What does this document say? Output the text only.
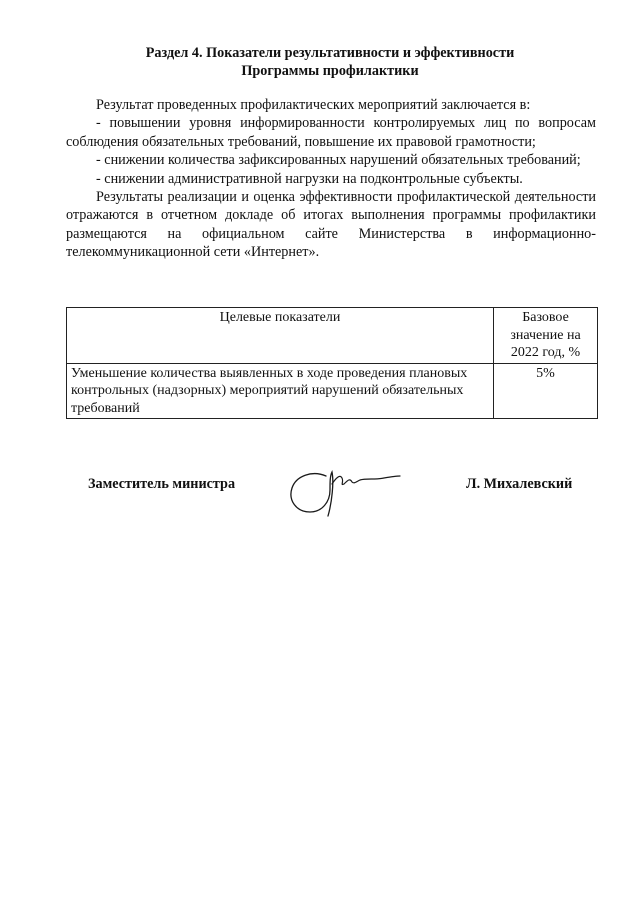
Раздел 4. Показатели результативности и эффективности
Программы профилактики

Результат проведенных профилактических мероприятий заключается в:

- повышении уровня информированности контролируемых лиц по вопросам соблюдения обязательных требований, повышение их правовой грамотности;

- снижении количества зафиксированных нарушений обязательных требований;

- снижении административной нагрузки на подконтрольные субъекты.

Результаты реализации и оценка эффективности профилактической деятельности отражаются в отчетном докладе об итогах выполнения программы профилактики размещаются на официальном сайте Министерства в информационно-телекоммуникационной сети «Интернет».

Целевые показатели	Базовое значение на 2022 год, %
Уменьшение количества выявленных в ходе проведения плановых контрольных (надзорных) мероприятий нарушений обязательных требований	5%
Заместитель министра	Л. Михалевский
